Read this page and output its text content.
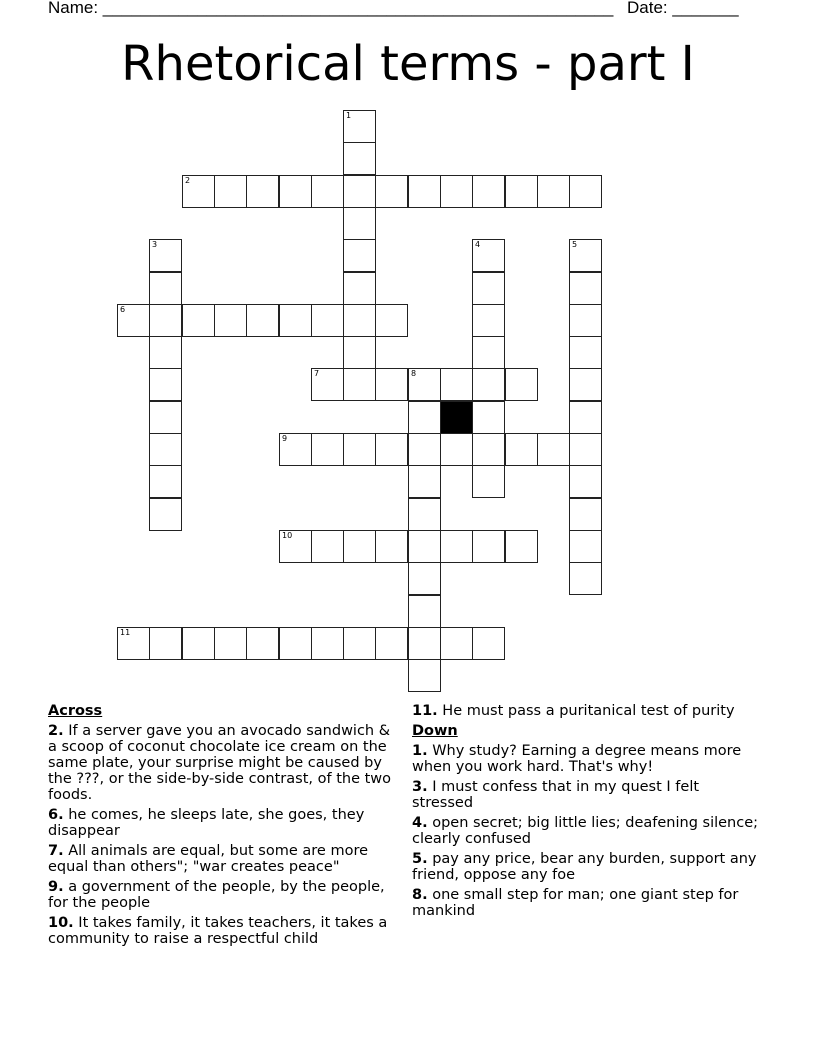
Name: ______________________________________________________

Date: _______

Rhetorical terms - part I
1
2
3	4	5
6
7	8
9
10
11
Across
2. If a server gave you an avocado sandwich & a scoop of coconut chocolate ice cream on the same plate, your surprise might be caused by the ???, or the side-by-side contrast, of the two foods.
6. he comes, he sleeps late, she goes, they disappear
7. All animals are equal, but some are more equal than others"; "war creates peace"
9. a government of the people, by the people, for the people
10. It takes family, it takes teachers, it takes a community to raise a respectful child
11. He must pass a puritanical test of purity
Down
1. Why study? Earning a degree means more when you work hard. That's why!
3. I must confess that in my quest I felt stressed
4. open secret; big little lies; deafening silence; clearly confused
5. pay any price, bear any burden, support any friend, oppose any foe
8. one small step for man; one giant step for mankind
